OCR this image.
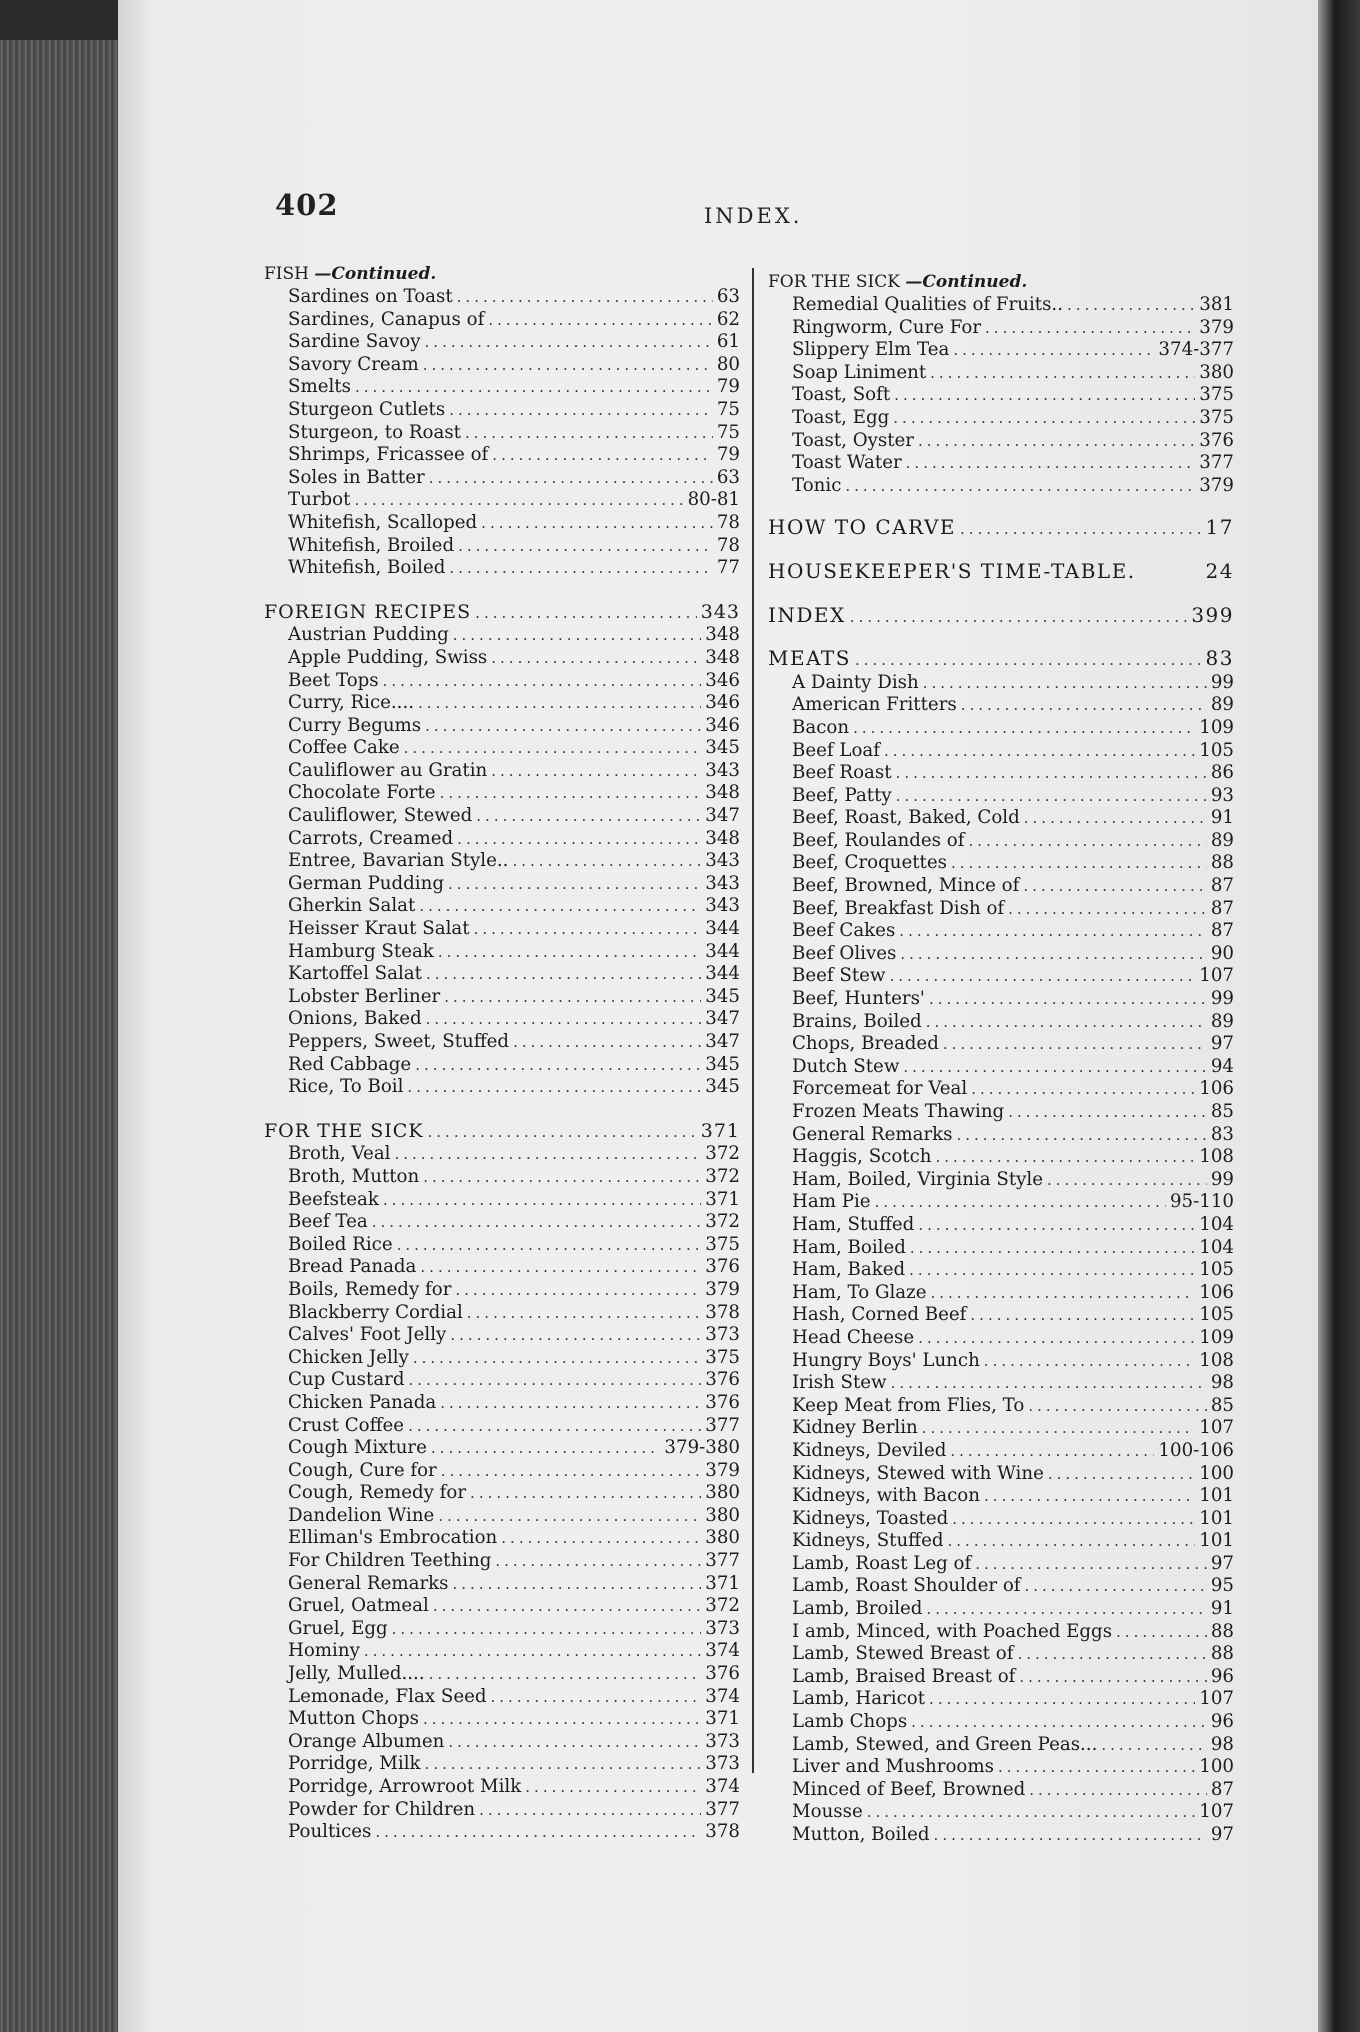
402	INDEX.
FISH —Continued.
Sardines on Toast .....	63
Sardines, Canapus of .....	62
Sardine Savoy .....	61
Savory Cream .....	80
Smelts .....	79
Sturgeon Cutlets .....	75
Sturgeon, to Roast .....	75
Shrimps, Fricassee of .....	79
Soles in Batter .....	63
Turbot .....	80-81
Whitefish, Scalloped .....	78
Whitefish, Broiled .....	78
Whitefish, Boiled .....	77
FOREIGN RECIPES .....	343
Austrian Pudding .....	348
Apple Pudding, Swiss .....	348
Beet Tops .....	346
Curry, Rice.... .....	346
Curry Begums .....	346
Coffee Cake .....	345
Cauliflower au Gratin .....	343
Chocolate Forte .....	348
Cauliflower, Stewed .....	347
Carrots, Creamed .....	348
Entree, Bavarian Style.. .....	343
German Pudding .....	343
Gherkin Salat .....	343
Heisser Kraut Salat .....	344
Hamburg Steak .....	344
Kartoffel Salat .....	344
Lobster Berliner .....	345
Onions, Baked .....	347
Peppers, Sweet, Stuffed .....	347
Red Cabbage .....	345
Rice, To Boil .....	345
FOR THE SICK .....	371
Broth, Veal .....	372
Broth, Mutton .....	372
Beefsteak .....	371
Beef Tea .....	372
Boiled Rice .....	375
Bread Panada .....	376
Boils, Remedy for .....	379
Blackberry Cordial .....	378
Calves' Foot Jelly .....	373
Chicken Jelly .....	375
Cup Custard .....	376
Chicken Panada .....	376
Crust Coffee .....	377
Cough Mixture .....	379-380
Cough, Cure for .....	379
Cough, Remedy for .....	380
Dandelion Wine .....	380
Elliman's Embrocation .....	380
For Children Teething .....	377
General Remarks .....	371
Gruel, Oatmeal .....	372
Gruel, Egg .....	373
Hominy .....	374
Jelly, Mulled.... .....	376
Lemonade, Flax Seed .....	374
Mutton Chops .....	371
Orange Albumen .....	373
Porridge, Milk .....	373
Porridge, Arrowroot Milk .....	374
Powder for Children .....	377
Poultices .....	378
FOR THE SICK —Continued.
Remedial Qualities of Fruits.. .....	381
Ringworm, Cure For .....	379
Slippery Elm Tea .....	374-377
Soap Liniment .....	380
Toast, Soft .....	375
Toast, Egg .....	375
Toast, Oyster .....	376
Toast Water .....	377
Tonic .....	379
HOW TO CARVE .....	17
HOUSEKEEPER'S TIME-TABLE.	24
INDEX .....	399
MEATS .....	83
A Dainty Dish .....	99
American Fritters .....	89
Bacon .....	109
Beef Loaf .....	105
Beef Roast .....	86
Beef, Patty .....	93
Beef, Roast, Baked, Cold .....	91
Beef, Roulandes of .....	89
Beef, Croquettes .....	88
Beef, Browned, Mince of .....	87
Beef, Breakfast Dish of .....	87
Beef Cakes .....	87
Beef Olives .....	90
Beef Stew .....	107
Beef, Hunters' .....	99
Brains, Boiled .....	89
Chops, Breaded .....	97
Dutch Stew .....	94
Forcemeat for Veal .....	106
Frozen Meats Thawing .....	85
General Remarks .....	83
Haggis, Scotch .....	108
Ham, Boiled, Virginia Style .....	99
Ham Pie .....	95-110
Ham, Stuffed .....	104
Ham, Boiled .....	104
Ham, Baked .....	105
Ham, To Glaze .....	106
Hash, Corned Beef .....	105
Head Cheese .....	109
Hungry Boys' Lunch .....	108
Irish Stew .....	98
Keep Meat from Flies, To .....	85
Kidney Berlin .....	107
Kidneys, Deviled .....	100-106
Kidneys, Stewed with Wine .....	100
Kidneys, with Bacon .....	101
Kidneys, Toasted .....	101
Kidneys, Stuffed .....	101
Lamb, Roast Leg of .....	97
Lamb, Roast Shoulder of .....	95
Lamb, Broiled .....	91
I amb, Minced, with Poached Eggs .....	88
Lamb, Stewed Breast of .....	88
Lamb, Braised Breast of .....	96
Lamb, Haricot .....	107
Lamb Chops .....	96
Lamb, Stewed, and Green Peas... .....	98
Liver and Mushrooms .....	100
Minced of Beef, Browned .....	87
Mousse .....	107
Mutton, Boiled .....	97
